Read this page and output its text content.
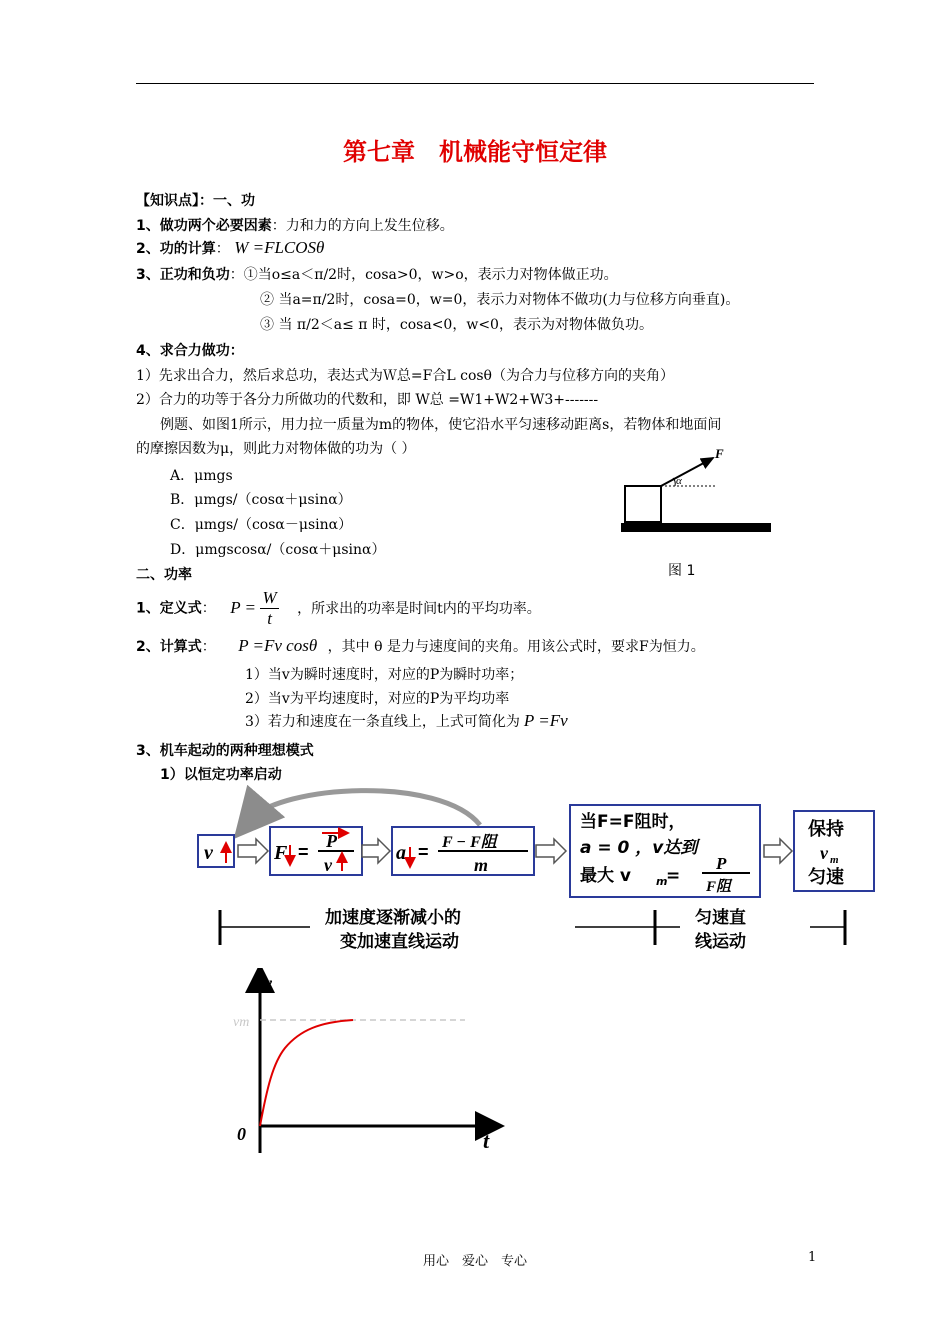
第七章　机械能守恒定律
【知识点】：一、功
1、做功两个必要因素：力和力的方向上发生位移。
2、功的计算： W =FLCOSθ
3、正功和负功：①当o≤a＜π/2时，cosa>0，w>o，表示力对物体做正功。
② 当a=π/2时，cosa=0，w=0，表示力对物体不做功(力与位移方向垂直)。
③ 当 π/2＜a≤ π 时，cosa<0，w<0，表示为对物体做负功。
4、求合力做功：
1）先求出合力，然后求总功，表达式为Ｗ总=F合L cosθ（为合力与位移方向的夹角）
2）合力的功等于各分力所做功的代数和，即 W总 =W1+W2+W3+-------
例题、如图1所示，用力拉一质量为m的物体，使它沿水平匀速移动距离s，若物体和地面间
的摩擦因数为μ，则此力对物体做的功为（ ）
A．μmgs
B．μmgs/（cosα＋μsinα）
C．μmgs/（cosα－μsinα）
D．μmgscosα/（cosα＋μsinα）
F
α
图 1
二、功率
1、定义式： $P = \frac{W}{t}$ ，所求出的功率是时间t内的平均功率。
2、计算式： P =Fv cosθ ，其中 θ 是力与速度间的夹角。用该公式时，要求F为恒力。
1）当v为瞬时速度时，对应的P为瞬时功率；
2）当v为平均速度时，对应的P为平均功率
3）若力和速度在一条直线上，上式可简化为 P =Fv
3、机车起动的两种理想模式
1）以恒定功率启动
v	F =
P
v
a = F − F阻
m
当F=F阻时，
a = 0 ，v达到
最大 v m
=
P
F阻
保持
v m
匀速
加速度逐渐减小的
变加速直线运动
匀速直
线运动
v
t
0
vm
用心　爱心　专心	1
